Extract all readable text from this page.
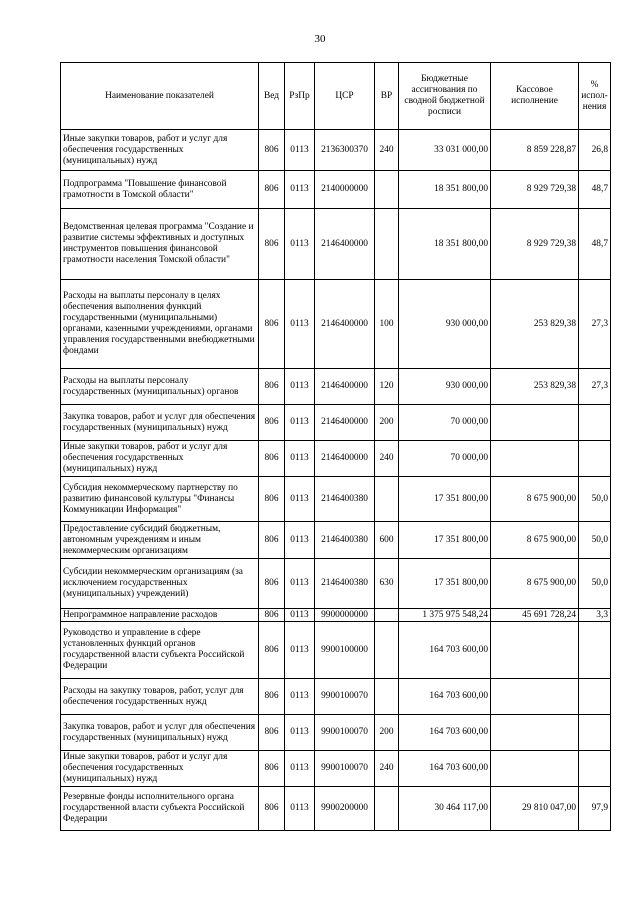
30
Наименование показателей	Вед	РзПр	ЦСР	ВР	Бюджетные ассигнования по сводной бюджетной росписи	Кассовое исполнение	% испол-нения
Иные закупки товаров, работ и услуг для обеспечения государственных (муниципальных) нужд	806	0113	2136300370	240	33 031 000,00	8 859 228,87	26,8
Подпрограмма "Повышение финансовой грамотности в Томской области"	806	0113	2140000000		18 351 800,00	8 929 729,38	48,7
Ведомственная целевая программа "Создание и развитие системы эффективных и доступных инструментов повышения финансовой грамотности населения Томской области"	806	0113	2146400000		18 351 800,00	8 929 729,38	48,7
Расходы на выплаты персоналу в целях обеспечения выполнения функций государственными (муниципальными) органами, казенными учреждениями, органами управления государственными внебюджетными фондами	806	0113	2146400000	100	930 000,00	253 829,38	27,3
Расходы на выплаты персоналу государственных (муниципальных) органов	806	0113	2146400000	120	930 000,00	253 829,38	27,3
Закупка товаров, работ и услуг для обеспечения государственных (муниципальных) нужд	806	0113	2146400000	200	70 000,00		
Иные закупки товаров, работ и услуг для обеспечения государственных (муниципальных) нужд	806	0113	2146400000	240	70 000,00		
Субсидия некоммерческому партнерству по развитию финансовой культуры "Финансы Коммуникации Информация"	806	0113	2146400380		17 351 800,00	8 675 900,00	50,0
Предоставление субсидий бюджетным, автономным учреждениям и иным некоммерческим организациям	806	0113	2146400380	600	17 351 800,00	8 675 900,00	50,0
Субсидии некоммерческим организациям (за исключением государственных (муниципальных) учреждений)	806	0113	2146400380	630	17 351 800,00	8 675 900,00	50,0
Непрограммное направление расходов	806	0113	9900000000		1 375 975 548,24	45 691 728,24	3,3
Руководство и управление в сфере установленных функций органов государственной власти субъекта Российской Федерации	806	0113	9900100000		164 703 600,00		
Расходы на закупку товаров, работ, услуг для обеспечения государственных нужд	806	0113	9900100070		164 703 600,00		
Закупка товаров, работ и услуг для обеспечения государственных (муниципальных) нужд	806	0113	9900100070	200	164 703 600,00		
Иные закупки товаров, работ и услуг для обеспечения государственных (муниципальных) нужд	806	0113	9900100070	240	164 703 600,00		
Резервные фонды исполнительного органа государственной власти субъекта Российской Федерации	806	0113	9900200000		30 464 117,00	29 810 047,00	97,9
